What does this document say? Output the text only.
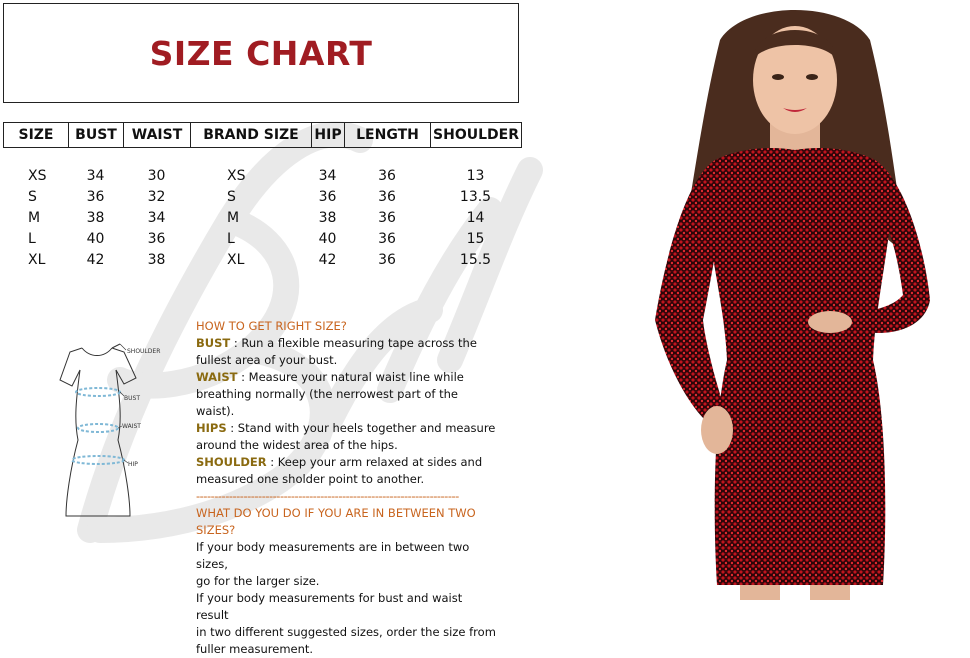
SIZE CHART
SIZE	BUST	WAIST	BRAND SIZE	HIP	LENGTH	SHOULDER
XS	34	30	XS	34	36	13
S	36	32	S	36	36	13.5
M	38	34	M	38	36	14
L	40	36	L	40	36	15
XL	42	38	XL	42	36	15.5
SHOULDER
BUST
WAIST
HIP

HOW TO GET RIGHT SIZE?

BUST : Run a flexible measuring tape across the fullest area of your bust.

WAIST : Measure your natural waist line while breathing normally (the nerrowest part of the waist).

HIPS : Stand with your heels together and measure around the widest area of the hips.

SHOULDER : Keep your arm relaxed at sides and measured one sholder point to another.

------------------------------------------------------------------------

WHAT DO YOU DO IF YOU ARE IN BETWEEN TWO SIZES?

If your body measurements are in between two sizes,

go for the larger size.

If your body measurements for bust and waist result

in two different suggested sizes, order the size from

fuller measurement.
